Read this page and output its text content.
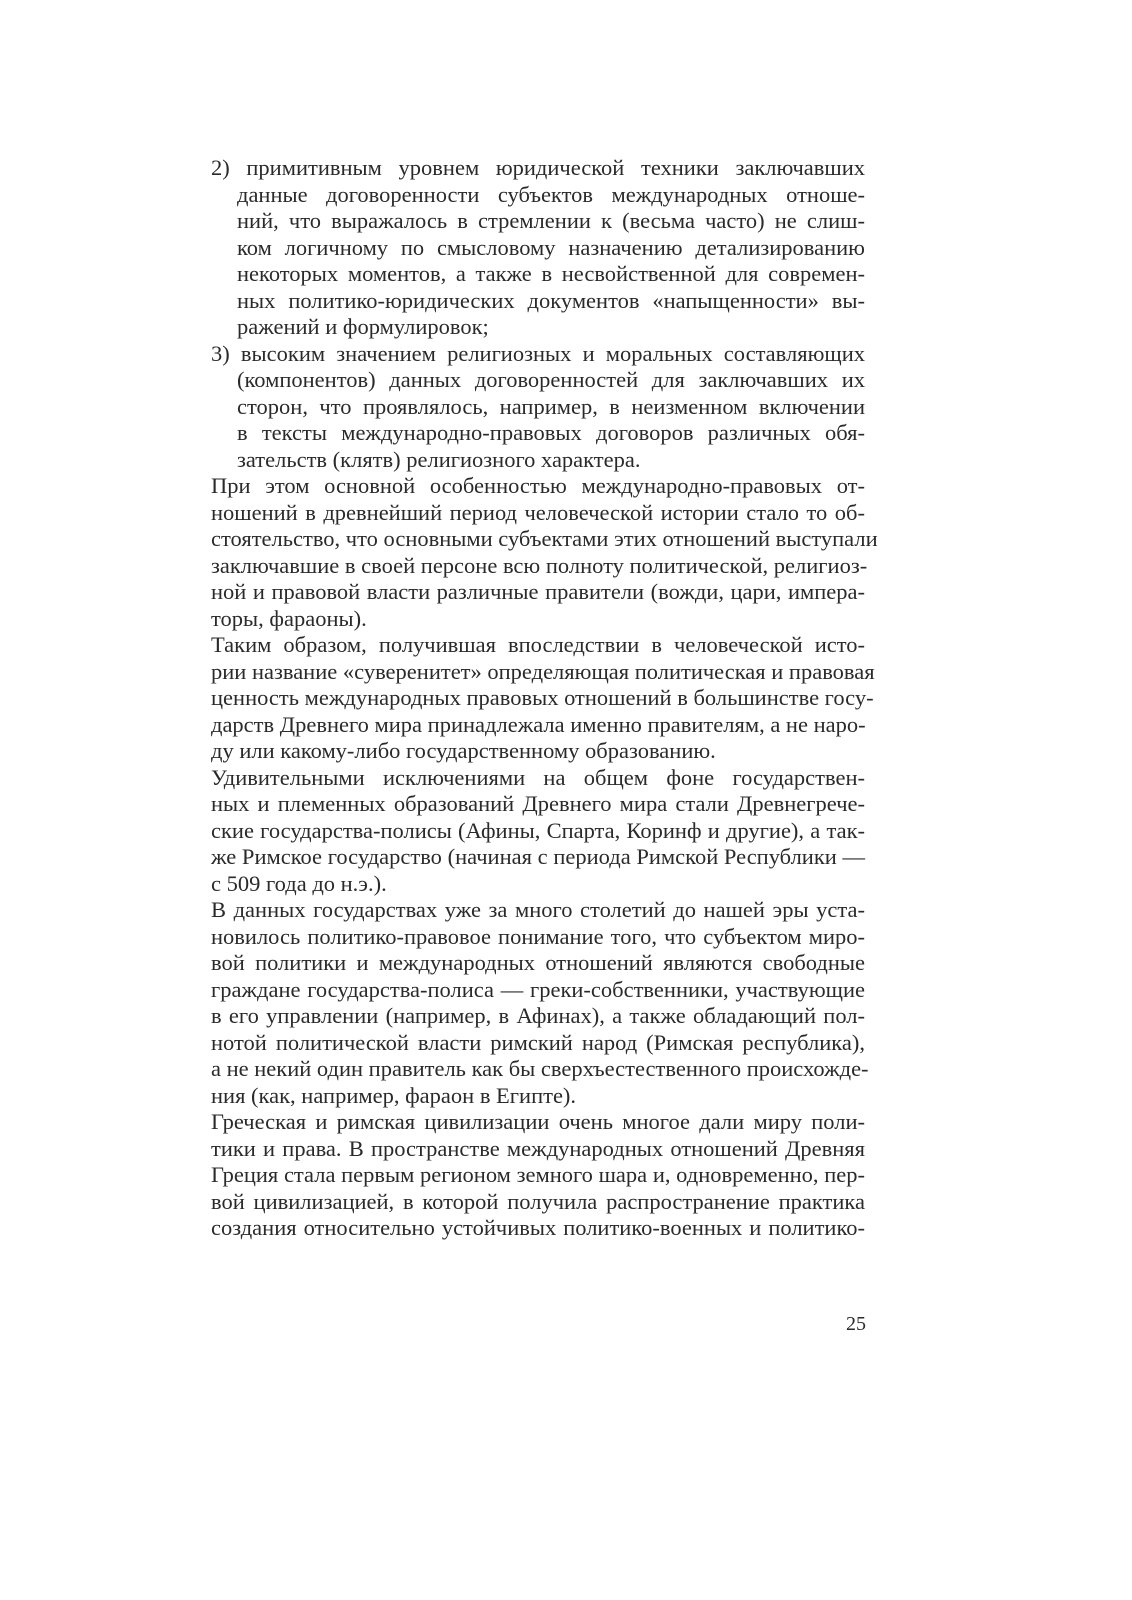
2) примитивным уровнем юридической техники заключавших
данные договоренности субъектов международных отноше-
ний, что выражалось в стремлении к (весьма часто) не слиш-
ком логичному по смысловому назначению детализированию
некоторых моментов, а также в несвойственной для современ-
ных политико-юридических документов «напыщенности» вы-
ражений и формулировок;
3) высоким значением религиозных и моральных составляющих
(компонентов) данных договоренностей для заключавших их
сторон, что проявлялось, например, в неизменном включении
в тексты международно-правовых договоров различных обя-
зательств (клятв) религиозного характера.
При этом основной особенностью международно-правовых от-
ношений в древнейший период человеческой истории стало то об-
стоятельство, что основными субъектами этих отношений выступали
заключавшие в своей персоне всю полноту политической, религиоз-
ной и правовой власти различные правители (вожди, цари, импера-
торы, фараоны).
Таким образом, получившая впоследствии в человеческой исто-
рии название «суверенитет» определяющая политическая и правовая
ценность международных правовых отношений в большинстве госу-
дарств Древнего мира принадлежала именно правителям, а не наро-
ду или какому-либо государственному образованию.
Удивительными исключениями на общем фоне государствен-
ных и племенных образований Древнего мира стали Древнегрече-
ские государства-полисы (Афины, Спарта, Коринф и другие), а так-
же Римское государство (начиная с периода Римской Республики —
с 509 года до н.э.).
В данных государствах уже за много столетий до нашей эры уста-
новилось политико-правовое понимание того, что субъектом миро-
вой политики и международных отношений являются свободные
граждане государства-полиса — греки-собственники, участвующие
в его управлении (например, в Афинах), а также обладающий пол-
нотой политической власти римский народ (Римская республика),
а не некий один правитель как бы сверхъестественного происхожде-
ния (как, например, фараон в Египте).
Греческая и римская цивилизации очень многое дали миру поли-
тики и права. В пространстве международных отношений Древняя
Греция стала первым регионом земного шара и, одновременно, пер-
вой цивилизацией, в которой получила распространение практика
создания относительно устойчивых политико-военных и политико-
25
